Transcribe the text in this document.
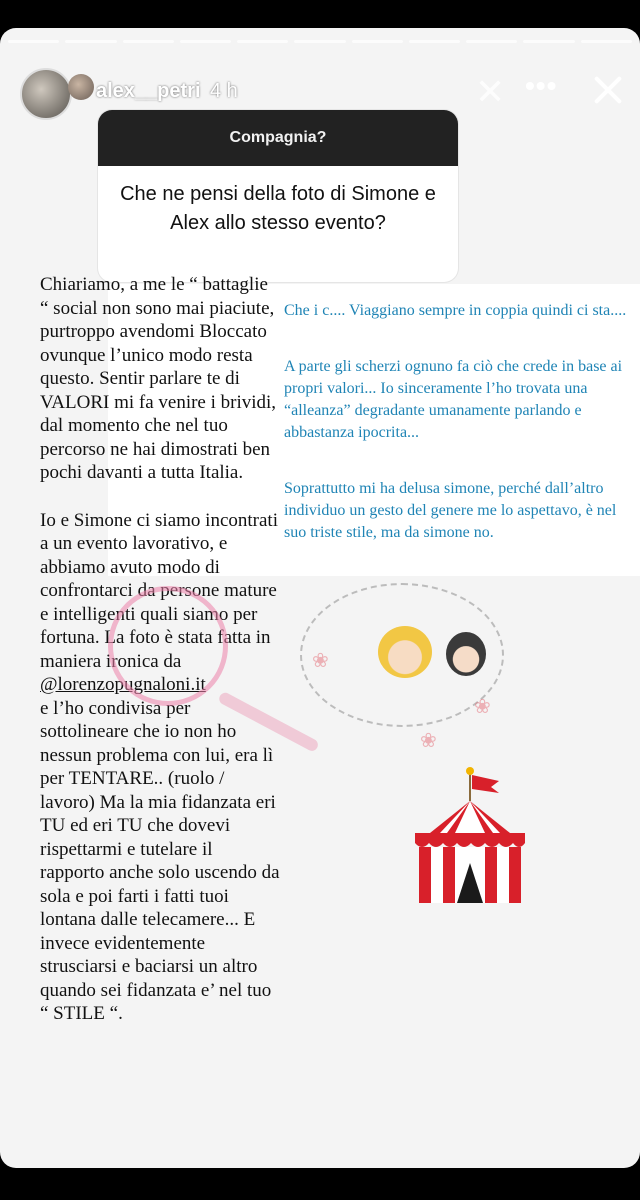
alex__petri 4 h	✕ •••
Compagnia?
Che ne pensi della foto di Simone e Alex allo stesso evento?

Che i c.... Viaggiano sempre in coppia quindi ci sta....

A parte gli scherzi ognuno fa ciò che crede in base ai propri valori... Io sinceramente l’ho trovata una “alleanza” degradante umanamente parlando e abbastanza ipocrita...

Soprattutto mi ha delusa simone, perché dall’altro individuo un gesto del genere me lo aspettavo, è nel suo triste stile, ma da simone no.

Chiariamo, a me le “ battaglie “ social non sono mai piaciute, purtroppo avendomi Bloccato ovunque l’unico modo resta questo. Sentir parlare te di VALORI mi fa venire i brividi, dal momento che nel tuo percorso ne hai dimostrati ben pochi davanti a tutta Italia.

Io e Simone ci siamo incontrati a un evento lavorativo, e abbiamo avuto modo di confrontarci da persone mature e intelligenti quali siamo per fortuna. La foto è stata fatta in maniera ironica da
@lorenzopugnaloni.it
e l’ho condivisa per sottolineare che io non ho nessun problema con lui, era lì per TENTARE.. (ruolo / lavoro) Ma la mia fidanzata eri TU ed eri TU che dovevi rispettarmi e tutelare il rapporto anche solo uscendo da sola e poi farti i fatti tuoi lontana dalle telecamere... E invece evidentemente strusciarsi e baciarsi un altro quando sei fidanzata e’ nel tuo “ STILE “.

❀
❀
❀
